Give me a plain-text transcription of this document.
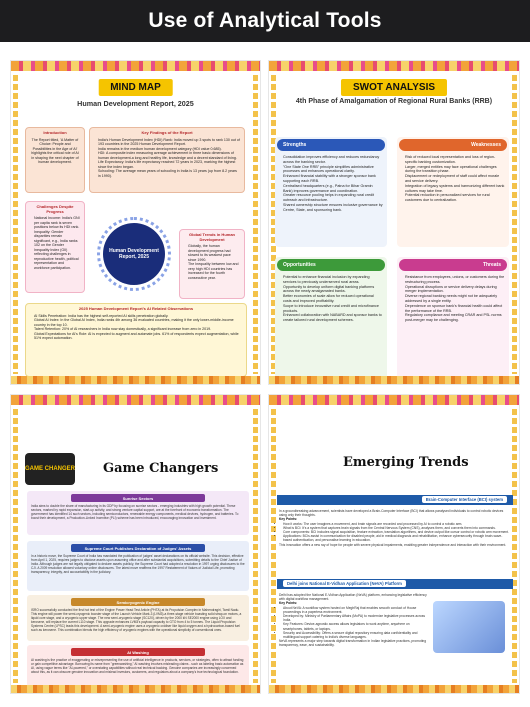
Use of Analytical Tools
MIND MAP
Human Development Report, 2025
Introduction

The Report titled, 'A Matter of Choice: People and Possibilities in the Age of AI' highlights the critical role of AI in shaping the next chapter of human development.

Key Findings of the Report
• India's Human Development Index (HDI) Rank: India moved up 3 spots to rank 130 out of 193 countries in the 2025 Human Development Report.
• India remains in the medium human development category (HDI value 0.685).
• HDI: A composite index measuring average achievement in three basic dimensions of human development-a long and healthy life, knowledge and a decent standard of living.
• Life Expectancy: India's life expectancy reached 72 years in 2023, marking the highest since the index began.
• Schooling: The average mean years of schooling in India is 13 years (up from 8.2 years in 1990).
Challenges Despite Progress
• National Income: India's GNI per capita rank is seven positions below its HDI rank.
• Inequality: Gender disparities remain significant, e.g., India ranks 102 on the Gender Inequality Index (GII) reflecting challenges in reproductive health, political representation and workforce participation.
Human Development Report, 2025
Global Trends in Human Development
• Globally, the human development progress had slowed to its weakest pace since 1990.
• The Inequality between low and very high HDI countries has increased for the fourth consecutive year.
2025 Human Development Report's AI Related Observations
• AI Skills Penetration: India has the highest self-reported AI skills penetration globally.
• Global AI Index: In the Global AI Index, India ranks 4th among 36 evaluated countries, making it the only lower-middle-income country in the top 10.
• Talent Retention: 20% of AI researchers in India now stay domestically, a significant increase from zero in 2019.
• Global Expectations for AI's Role: AI is expected to augment and automate jobs. 61% of respondents expect augmentation, while 51% expect automation.
SWOT ANALYSIS
4th Phase of Amalgamation of Regional Rural Banks (RRB)
Strengths
• Consolidation improves efficiency and reduces redundancy across the banking sector.
• "One State One RRB" principle simplifies administrative processes and enhances operational clarity.
• Enhanced financial stability with a stronger sponsor bank supporting each RRB.
• Centralised headquarters (e.g., Patna for Bihar Gramin Bank) improves governance and coordination.
• Greater resource pooling helps in expanding rural credit outreach and infrastructure.
• Shared ownership structure ensures inclusive governance by Centre, State, and sponsoring bank.
Weaknesses
• Risk of reduced local representation and loss of region-specific banking customization.
• Larger, merged entities may face operational challenges during the transition phase.
• Displacement or redeployment of staff could affect morale and service delivery.
• Integration of legacy systems and harmonizing different bank cultures may take time.
• Potential reduction in personalized services for rural customers due to centralization.
Opportunities
• Potential to enhance financial inclusion by expanding services to previously underserved rural areas.
• Opportunity to develop uniform digital banking platforms across the newly amalgamated banks.
• Better economies of scale allow for reduced operational costs and improved profitability.
• Scope to introduce innovative rural credit and microfinance products.
• Enhanced collaboration with NABARD and sponsor banks to create tailored rural development schemes.
Threats
• Resistance from employees, unions, or customers during the restructuring process.
• Operational disruptions or service delivery delays during merger implementation.
• Diverse regional banking needs might not be adequately addressed by a single entity.
• Dependence on sponsor bank's financial health could affect the performance of the RRB.
• Regulatory compliance and meeting CRAR and PSL norms post-merger may be challenging.
GAME CHANGER Game Changers
Sunrise Sectors
India aims to double the share of manufacturing in its GDP by focusing on sunrise sectors - emerging industries with high growth potential. These sectors, marked by rapid expansion, start-up activity, and strong venture capital support, are at the forefront of economic transformation. The government has identified 14 such sectors, including semiconductors, renewable energy components, medical devices, hydrogen, and batteries. To boost their development, a Production-Linked Incentive (PLI) scheme has been introduced, encouraging innovation and investment.
Supreme Court Publishes Declaration of Judges' Assets
In a historic move, the Supreme Court of India has mandated the publication of judges' asset declarations on its official website. This decision, effective from April 1, 2025, requires judges to disclose assets upon assuming office and after substantial acquisitions, submitting details to the Chief Justice of India. Although judges are not legally obligated to declare assets publicly, the Supreme Court had adopted a resolution in 1997 urging disclosures to the CJI. A 2009 resolution allowed voluntary online disclosures. The latest move reaffirms the 1997 Restatement of Values of Judicial Life, promoting transparency, integrity, and accountability in the judiciary.
Semicryogenic Engine
ISRO successfully conducted the first hot test of the Engine Power Head Test Article (PHTA) at its Propulsion Complex in Mahendragiri, Tamil Nadu. This engine will power the semi-cryogenic booster stage of the Launch Vehicle Mark-3 (LVM3)-a three-stage vehicle boasting solid strap-on motors, a liquid core stage, and a cryogenic upper stage. The new semi-cryogenic stage (SC120), driven by the 2000 kN SE2000 engine using LOX and kerosene, will replace the current L110 stage. This upgrade enhances LVM3's payload capacity to GTO from 4 to 5 tonnes. The Liquid Propulsion Systems Centre (LPSC) leads this development. A semi-cryogenic engine uses a cryogenic oxidiser like liquid oxygen and a hydrocarbon-based fuel such as kerosene. This combination blends the high efficiency of cryogenic engines with the operational simplicity of conventional ones.
AI Washing
AI washing is the practice of exaggerating or misrepresenting the use of artificial intelligence in products, services, or strategies, often to attract funding or gain competitive advantage. Borrowing its name from "greenwashing," AI washing involves misleading claims - such as labeling basic automation as AI, using vague terms like "AI-powered," or overstating capabilities without real technical backing. Genuine companies are increasingly concerned about this, as it can obscure genuine innovation and mislead investors, customers, and regulators about a company's true technological foundation.
Emerging Trends
Brain-Computer Interface (BCI) system

In a groundbreaking advancement, scientists have developed a Brain-Computer Interface (BCI) that allows paralysed individuals to control robotic devices using only their thoughts.

Key Points:

• How it works: The user imagines a movement, and brain signals are recorded and processed by AI to control a robotic arm.
• What is BCI: It's a system that captures brain signals from the Central Nervous System (CNS), analyses them, and converts them into commands.
• Core components: BCI includes signal acquisition, feature extraction, translation algorithms, and device output like cursor control or robotic arm movement.
• Applications: BCIs assist in communication for disabled people, aid in medical diagnosis and rehabilitation, enhance cybersecurity through brain-wave-based authentication, and personalise learning in education.

This innovation offers a new ray of hope for people with severe physical impairments, enabling greater independence and interaction with their environment.

Delhi joins National E-Vidhan Application (NeVA) Platform

Delhi has adopted the National E-Vidhan Application (NeVA) platform, enhancing legislative efficiency with digital workflow management.

Key Points:

• About NeVA: A workflow system hosted on MeghRaj that enables smooth conduct of House proceedings in a paperless environment.
• Developed by: Ministry of Parliamentary Affairs (MoPA) to modernize legislative processes across India.
• Key Features: Device-agnostic access allows legislators to work anytime, anywhere on smartphones, tablets, or laptops.
• Security and Accessibility: Offers a secure digital repository ensuring data confidentiality and multilingual support catering to India's diverse languages.

NeVA represents a major step towards digital transformation in Indian legislative practices, promoting transparency, ease, and sustainability.
